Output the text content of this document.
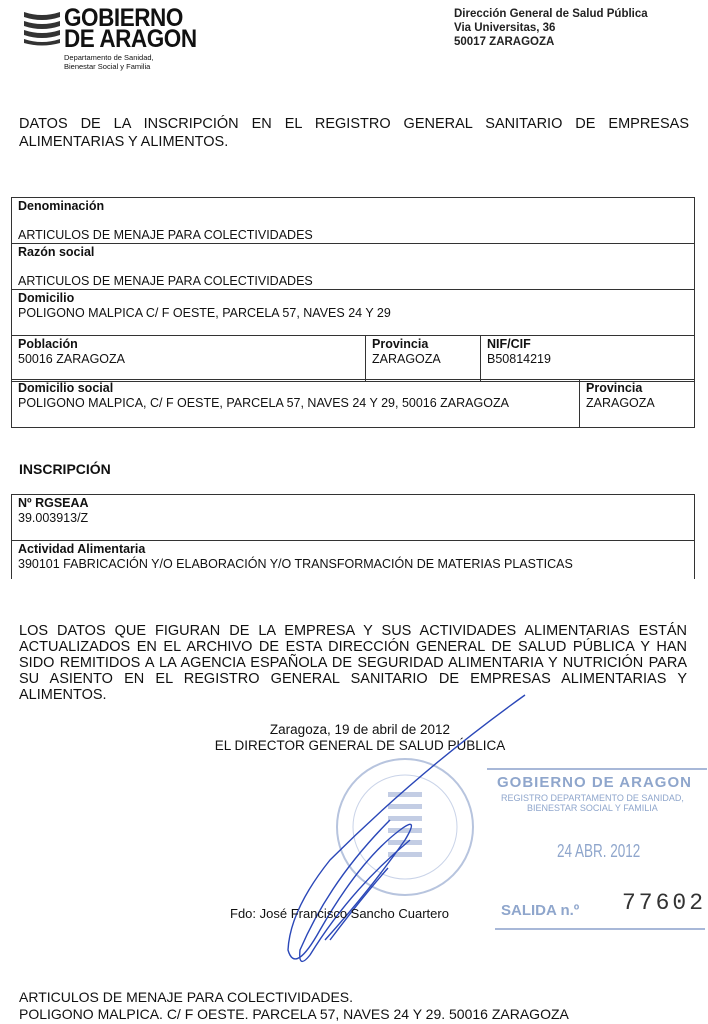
GOBIERNO
DE ARAGON
Departamento de Sanidad,
Bienestar Social y Familia
Dirección General de Salud Pública
Via Universitas, 36
50017 ZARAGOZA
DATOS DE LA INSCRIPCIÓN EN EL REGISTRO GENERAL SANITARIO DE EMPRESAS
ALIMENTARIAS Y ALIMENTOS.
Denominación
ARTICULOS DE MENAJE PARA COLECTIVIDADES

Razón social
ARTICULOS DE MENAJE PARA COLECTIVIDADES

Domicilio
POLIGONO MALPICA C/ F OESTE, PARCELA 57, NAVES 24 Y 29

Población
50016 ZARAGOZA

Provincia
ZARAGOZA

NIF/CIF
B50814219
Domicilio social
POLIGONO MALPICA, C/ F OESTE, PARCELA 57, NAVES 24 Y 29, 50016 ZARAGOZA

Provincia
ZARAGOZA
INSCRIPCIÓN
Nº RGSEAA
39.003913/Z

Actividad Alimentaria
390101 FABRICACIÓN Y/O ELABORACIÓN Y/O TRANSFORMACIÓN DE MATERIAS PLASTICAS
LOS DATOS QUE FIGURAN DE LA EMPRESA Y SUS ACTIVIDADES ALIMENTARIAS ESTÁN ACTUALIZADOS EN EL ARCHIVO DE ESTA DIRECCIÓN GENERAL DE SALUD PÚBLICA Y HAN SIDO REMITIDOS A LA AGENCIA ESPAÑOLA DE SEGURIDAD ALIMENTARIA Y NUTRICIÓN PARA SU ASIENTO EN EL REGISTRO GENERAL SANITARIO DE EMPRESAS ALIMENTARIAS Y ALIMENTOS.
Zaragoza, 19 de abril de 2012
EL DIRECTOR GENERAL DE SALUD PÚBLICA
Fdo: José Francisco Sancho Cuartero
GOBIERNO DE ARAGON
REGISTRO DEPARTAMENTO DE SANIDAD,
BIENESTAR SOCIAL Y FAMILIA
24 ABR. 2012
SALIDA n.º 77602
ARTICULOS DE MENAJE PARA COLECTIVIDADES.
POLIGONO MALPICA. C/ F OESTE. PARCELA 57, NAVES 24 Y 29. 50016 ZARAGOZA
